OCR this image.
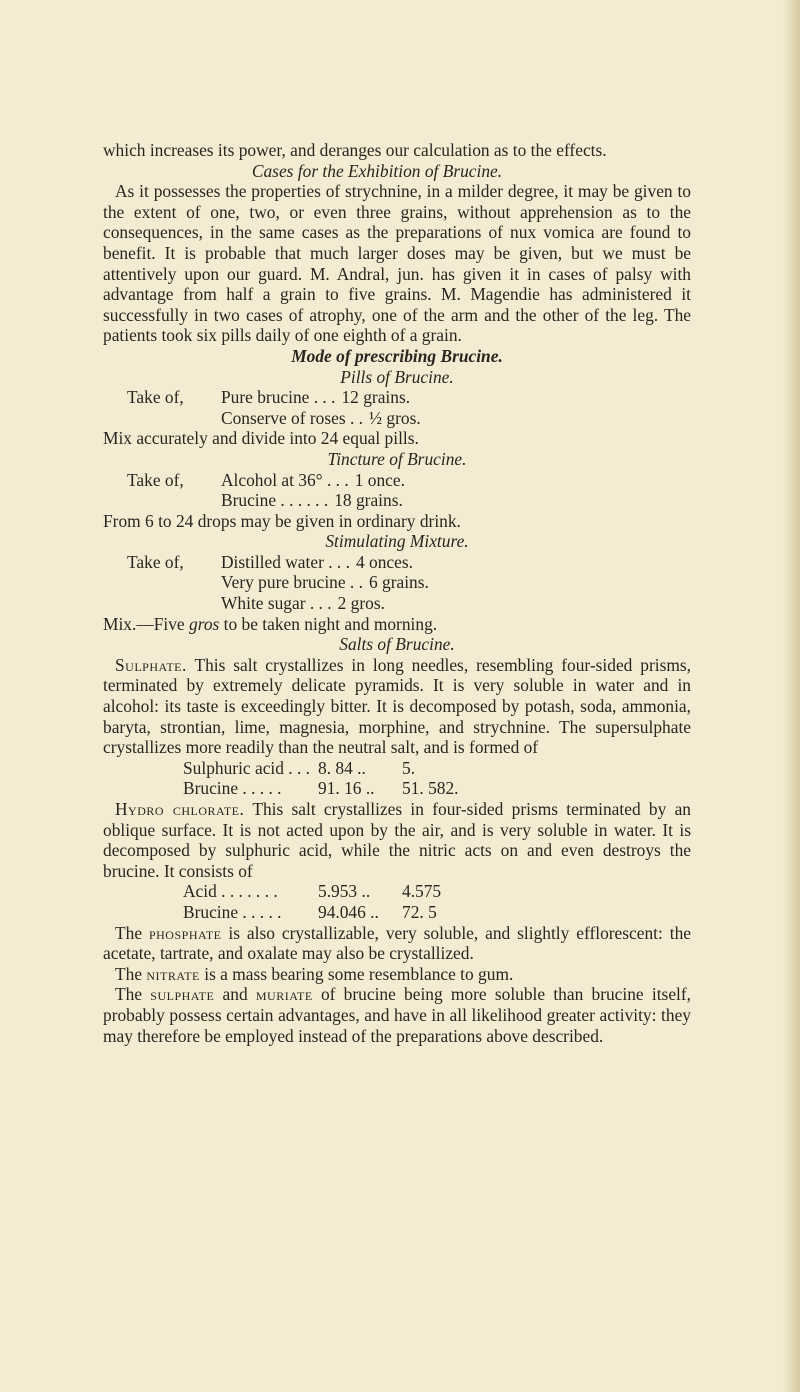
which increases its power, and deranges our calculation as to the effects.

Cases for the Exhibition of Brucine.

As it possesses the properties of strychnine, in a milder degree, it may be given to the extent of one, two, or even three grains, without apprehension as to the consequences, in the same cases as the preparations of nux vomica are found to benefit. It is probable that much larger doses may be given, but we must be attentively upon our guard. M. Andral, jun. has given it in cases of palsy with advantage from half a grain to five grains. M. Magendie has administered it successfully in two cases of atrophy, one of the arm and the other of the leg. The patients took six pills daily of one eighth of a grain.

Mode of prescribing Brucine.
Pills of Brucine.
Take of,	Pure brucine . . . 12 grains.
Conserve of roses . . ½ gros.

Mix accurately and divide into 24 equal pills.

Tincture of Brucine.
Take of,	Alcohol at 36° . . . 1 once.
Brucine . . . . . . 18 grains.

From 6 to 24 drops may be given in ordinary drink.

Stimulating Mixture.
Take of,	Distilled water . . . 4 onces.
Very pure brucine . . 6 grains.
White sugar . . . 2 gros.

Mix.—Five gros to be taken night and morning.

Salts of Brucine.

Sulphate. This salt crystallizes in long needles, resembling four-sided prisms, terminated by extremely delicate pyramids. It is very soluble in water and in alcohol: its taste is exceedingly bitter. It is decomposed by potash, soda, ammonia, baryta, strontian, lime, magnesia, morphine, and strychnine. The supersulphate crystallizes more readily than the neutral salt, and is formed of

Sulphuric acid . . . 8. 84 ..	5.
Brucine . . . . .	91. 16 ..	51. 582.

Hydro chlorate. This salt crystallizes in four-sided prisms terminated by an oblique surface. It is not acted upon by the air, and is very soluble in water. It is decomposed by sulphuric acid, while the nitric acts on and even destroys the brucine. It consists of

Acid . . . . . . .	5.953 ..	4.575
Brucine . . . . .	94.046 ..	72. 5

The phosphate is also crystallizable, very soluble, and slightly efflorescent: the acetate, tartrate, and oxalate may also be crystallized.

The nitrate is a mass bearing some resemblance to gum.

The sulphate and muriate of brucine being more soluble than brucine itself, probably possess certain advantages, and have in all likelihood greater activity: they may therefore be employed instead of the preparations above described.
